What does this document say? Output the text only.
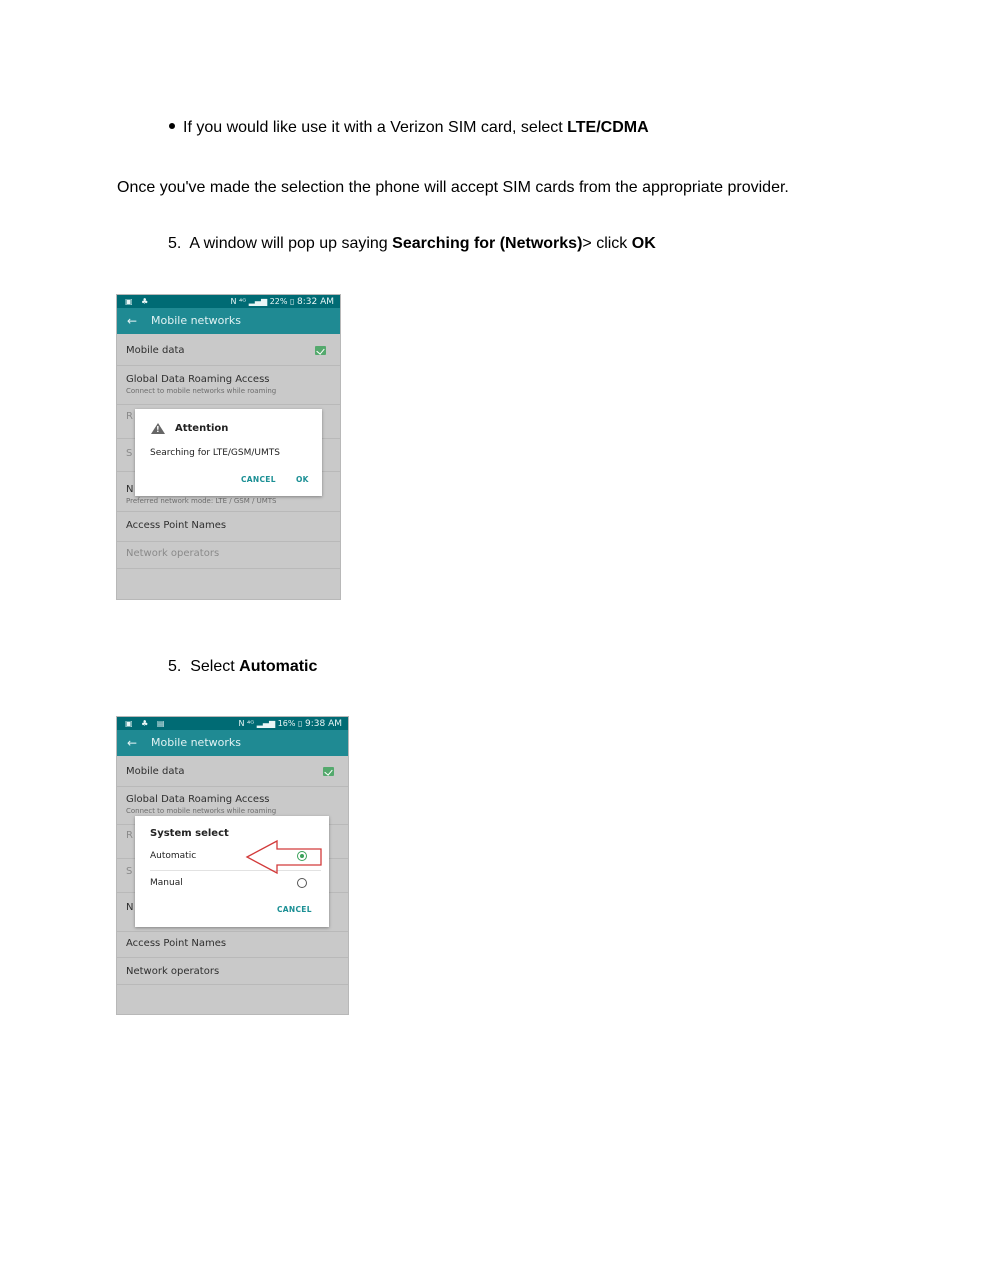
If you would like use it with a Verizon SIM card, select LTE/CDMA
Once you've made the selection the phone will accept SIM cards from the appropriate provider.
5. A window will pop up saying Searching for (Networks)> click OK
▣ ♣	N ⁴ᴳ ▂▄▆ 22% ▯ 8:32 AM
← Mobile networks
Mobile data
Global Data Roaming Access
Connect to mobile networks while roaming
R
S
N
Preferred network mode: LTE / GSM / UMTS
Access Point Names
Network operators
!
Attention
Searching for LTE/GSM/UMTS
CANCEL	OK
5. Select Automatic
▣ ♣ ▤	N ⁴ᴳ ▂▄▆ 16% ▯ 9:38 AM
← Mobile networks
Mobile data
Global Data Roaming Access
Connect to mobile networks while roaming
R
S
N
Access Point Names
Network operators
System select
Automatic
Manual
CANCEL
